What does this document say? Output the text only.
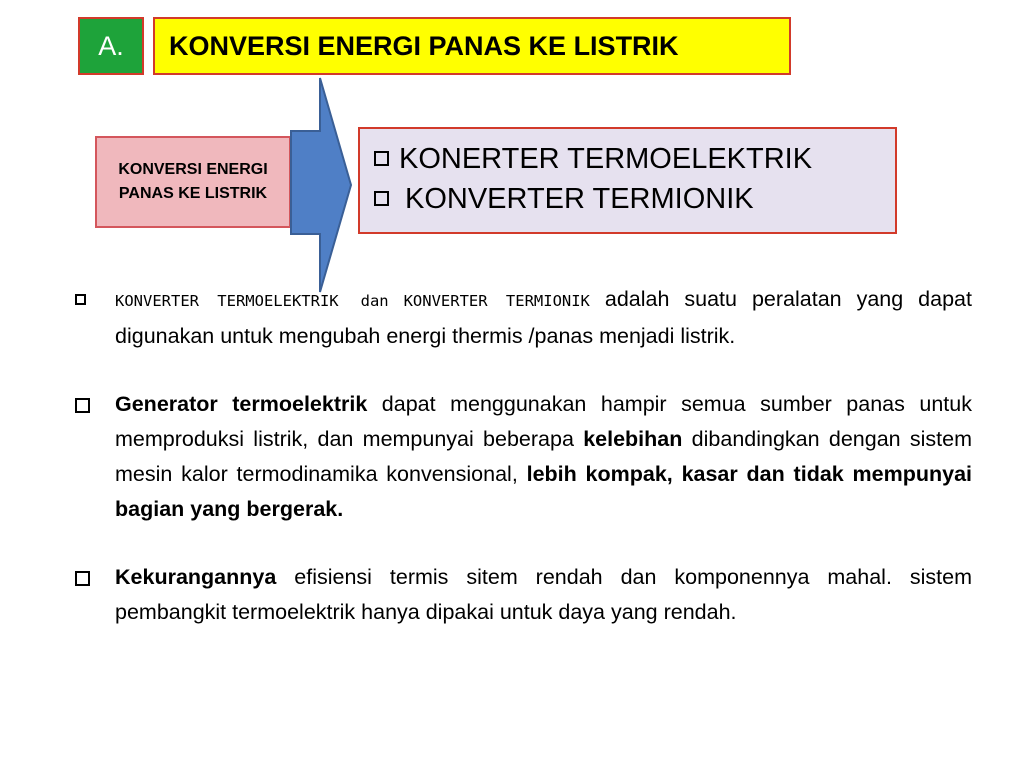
A. KONVERSI ENERGI PANAS KE LISTRIK
KONVERSI ENERGI PANAS KE LISTRIK
KONERTER TERMOELEKTRIK
KONVERTER TERMIONIK
KONVERTER TERMOELEKTRIK dan KONVERTER TERMIONIK adalah suatu peralatan yang dapat digunakan untuk mengubah energi thermis /panas menjadi listrik.
Generator termoelektrik dapat menggunakan hampir semua sumber panas untuk memproduksi listrik, dan mempunyai beberapa kelebihan dibandingkan dengan sistem mesin kalor termodinamika konvensional, lebih kompak, kasar dan tidak mempunyai bagian yang bergerak.
Kekurangannya efisiensi termis sitem rendah dan komponennya mahal. sistem pembangkit termoelektrik hanya dipakai untuk daya yang rendah.
